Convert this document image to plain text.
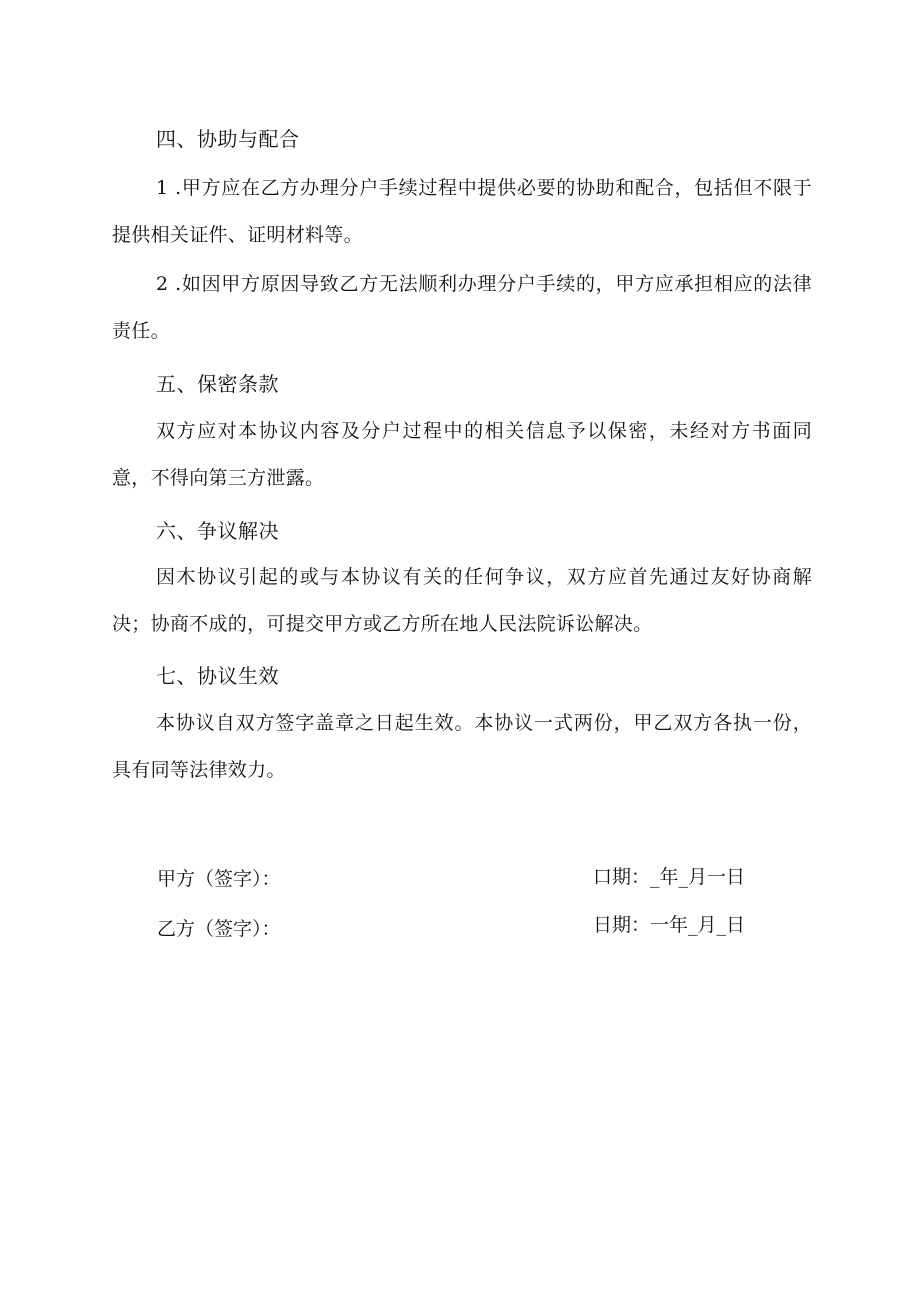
四、协助与配合
1 .甲方应在乙方办理分户手续过程中提供必要的协助和配合，包括但不限于提供相关证件、证明材料等。
2 .如因甲方原因导致乙方无法顺利办理分户手续的，甲方应承担相应的法律责任。
五、保密条款
双方应对本协议内容及分户过程中的相关信息予以保密，未经对方书面同意，不得向第三方泄露。
六、争议解决
因木协议引起的或与本协议有关的任何争议，双方应首先通过友好协商解决；协商不成的，可提交甲方或乙方所在地人民法院诉讼解决。
七、协议生效
本协议自双方签字盖章之日起生效。本协议一式两份，甲乙双方各执一份，具有同等法律效力。
甲方（签字）：	口期：_年_月一日
乙方（签字）：	日期：一年_月_日
